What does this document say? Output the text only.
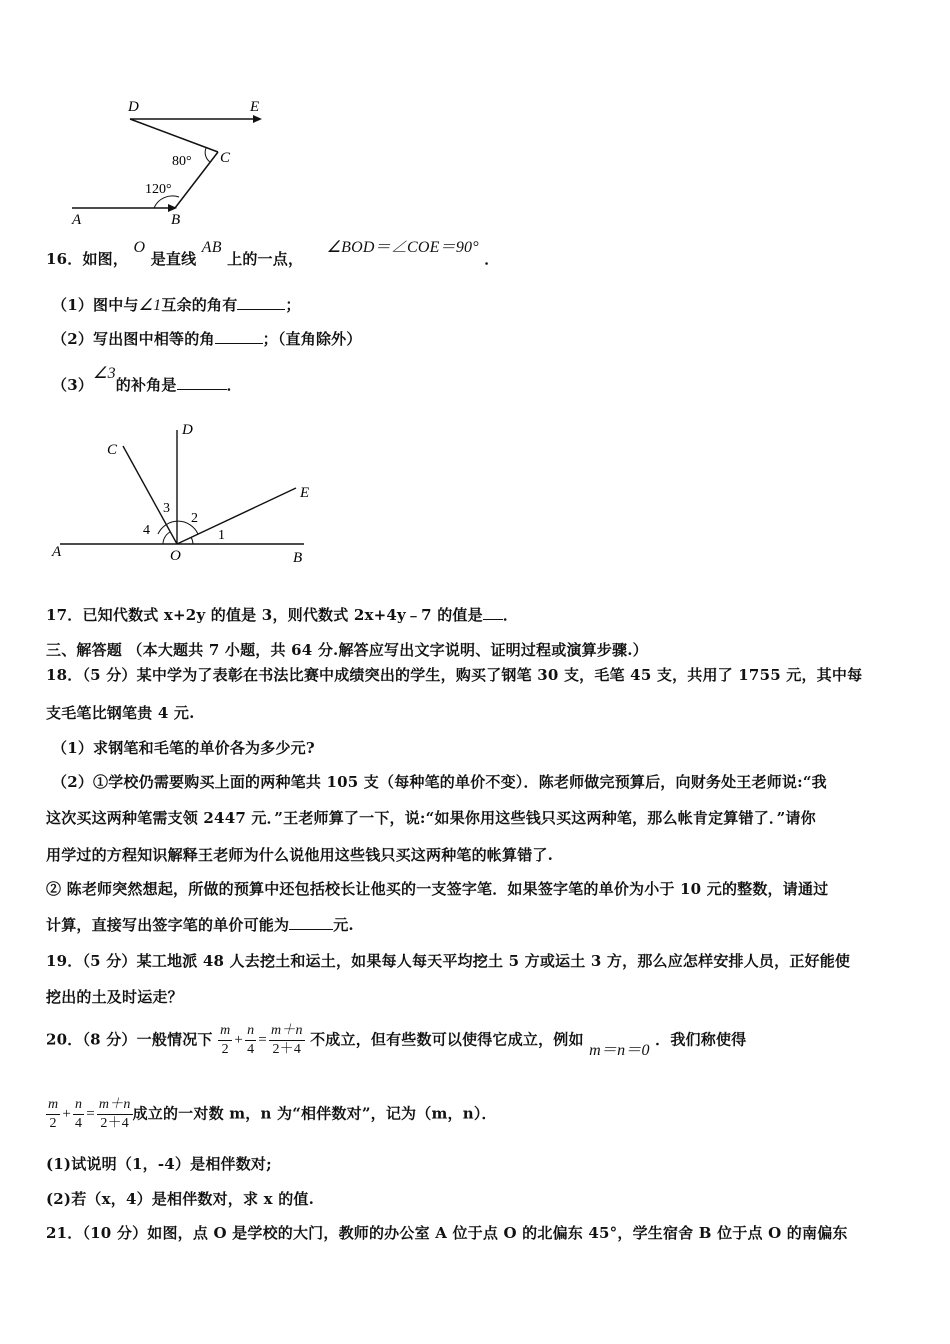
D	E
C
A	B
80°
120°
16．如图， O 是直线 AB 上的一点， ∠BOD＝∠COE＝90° ．
（1）图中与∠1互余的角有	；
（2）写出图中相等的角	；（直角除外）
（3）∠3的补角是	．
C
D
E
A	O	B
1
2
3
4
17．已知代数式 x+2y 的值是 3，则代数式 2x+4y﹣7 的值是 ．
三、解答题 （本大题共 7 小题，共 64 分.解答应写出文字说明、证明过程或演算步骤.）
18．（5 分）某中学为了表彰在书法比赛中成绩突出的学生，购买了钢笔 30 支，毛笔 45 支，共用了 1755 元，其中每
支毛笔比钢笔贵 4 元.
（1）求钢笔和毛笔的单价各为多少元?
（2）①学校仍需要购买上面的两种笔共 105 支（每种笔的单价不变）．陈老师做完预算后，向财务处王老师说:“我
这次买这两种笔需支领 2447 元．”王老师算了一下，说:“如果你用这些钱只买这两种笔，那么帐肯定算错了．”请你
用学过的方程知识解释王老师为什么说他用这些钱只买这两种笔的帐算错了.
② 陈老师突然想起，所做的预算中还包括校长让他买的一支签字笔．如果签字笔的单价为小于 10 元的整数，请通过
计算，直接写出签字笔的单价可能为	元.
19．（5 分）某工地派 48 人去挖土和运土，如果每人每天平均挖土 5 方或运土 3 方，那么应怎样安排人员，正好能使
挖出的土及时运走？
20．（8 分）一般情况下 $\frac{m}{2} + \frac{n}{4} = \frac{m+n}{2+4}$ 不成立，但有些数可以使得它成立，例如 m＝n＝0 ．我们称使得
$\frac{m}{2} + \frac{n}{4} = \frac{m+n}{2+4}$ 成立的一对数 m，n 为“相伴数对”，记为（m，n）．
(1)试说明（1，-4）是相伴数对;
(2)若（x，4）是相伴数对，求 x 的值.
21．（10 分）如图，点 O 是学校的大门，教师的办公室 A 位于点 O 的北偏东 45°，学生宿舍 B 位于点 O 的南偏东
